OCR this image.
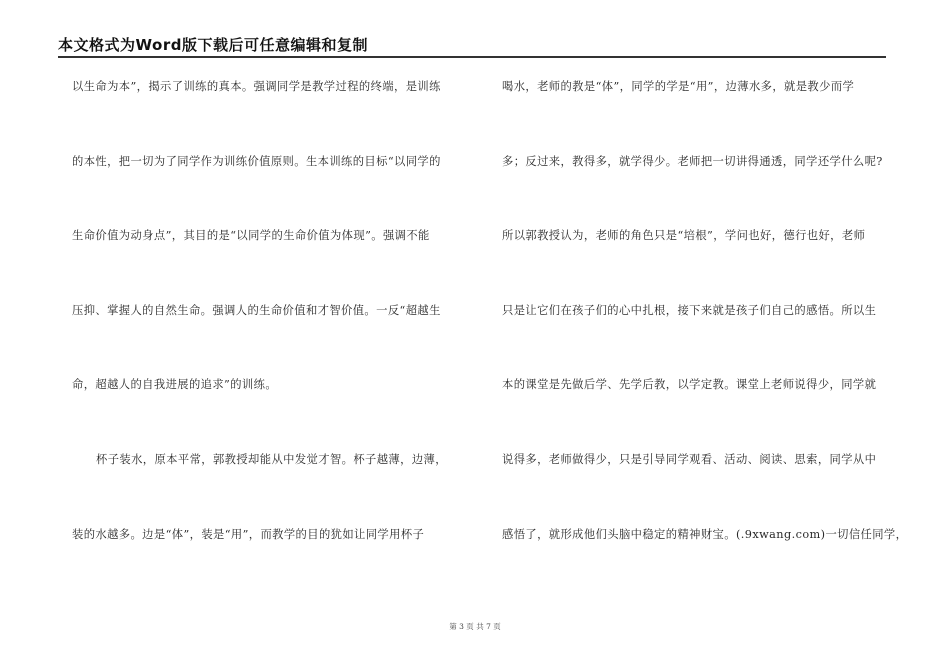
本文格式为Word版下载后可任意编辑和复制
以生命为本”，揭示了训练的真本。强调同学是教学过程的终端，是训练
的本性，把一切为了同学作为训练价值原则。生本训练的目标“以同学的
生命价值为动身点”，其目的是“以同学的生命价值为体现”。强调不能
压抑、掌握人的自然生命。强调人的生命价值和才智价值。一反“超越生
命，超越人的自我进展的追求”的训练。
杯子装水，原本平常，郭教授却能从中发觉才智。杯子越薄，边薄，
装的水越多。边是“体”，装是“用”，而教学的目的犹如让同学用杯子
喝水，老师的教是“体”，同学的学是“用”，边薄水多，就是教少而学
多；反过来，教得多，就学得少。老师把一切讲得通透，同学还学什么呢?
所以郭教授认为，老师的角色只是“培根”，学问也好，德行也好，老师
只是让它们在孩子们的心中扎根，接下来就是孩子们自己的感悟。所以生
本的课堂是先做后学、先学后教，以学定教。课堂上老师说得少，同学就
说得多，老师做得少，只是引导同学观看、活动、阅读、思索，同学从中
感悟了，就形成他们头脑中稳定的精神财宝。(.9xwang.com)一切信任同学，
第 3 页 共 7 页
